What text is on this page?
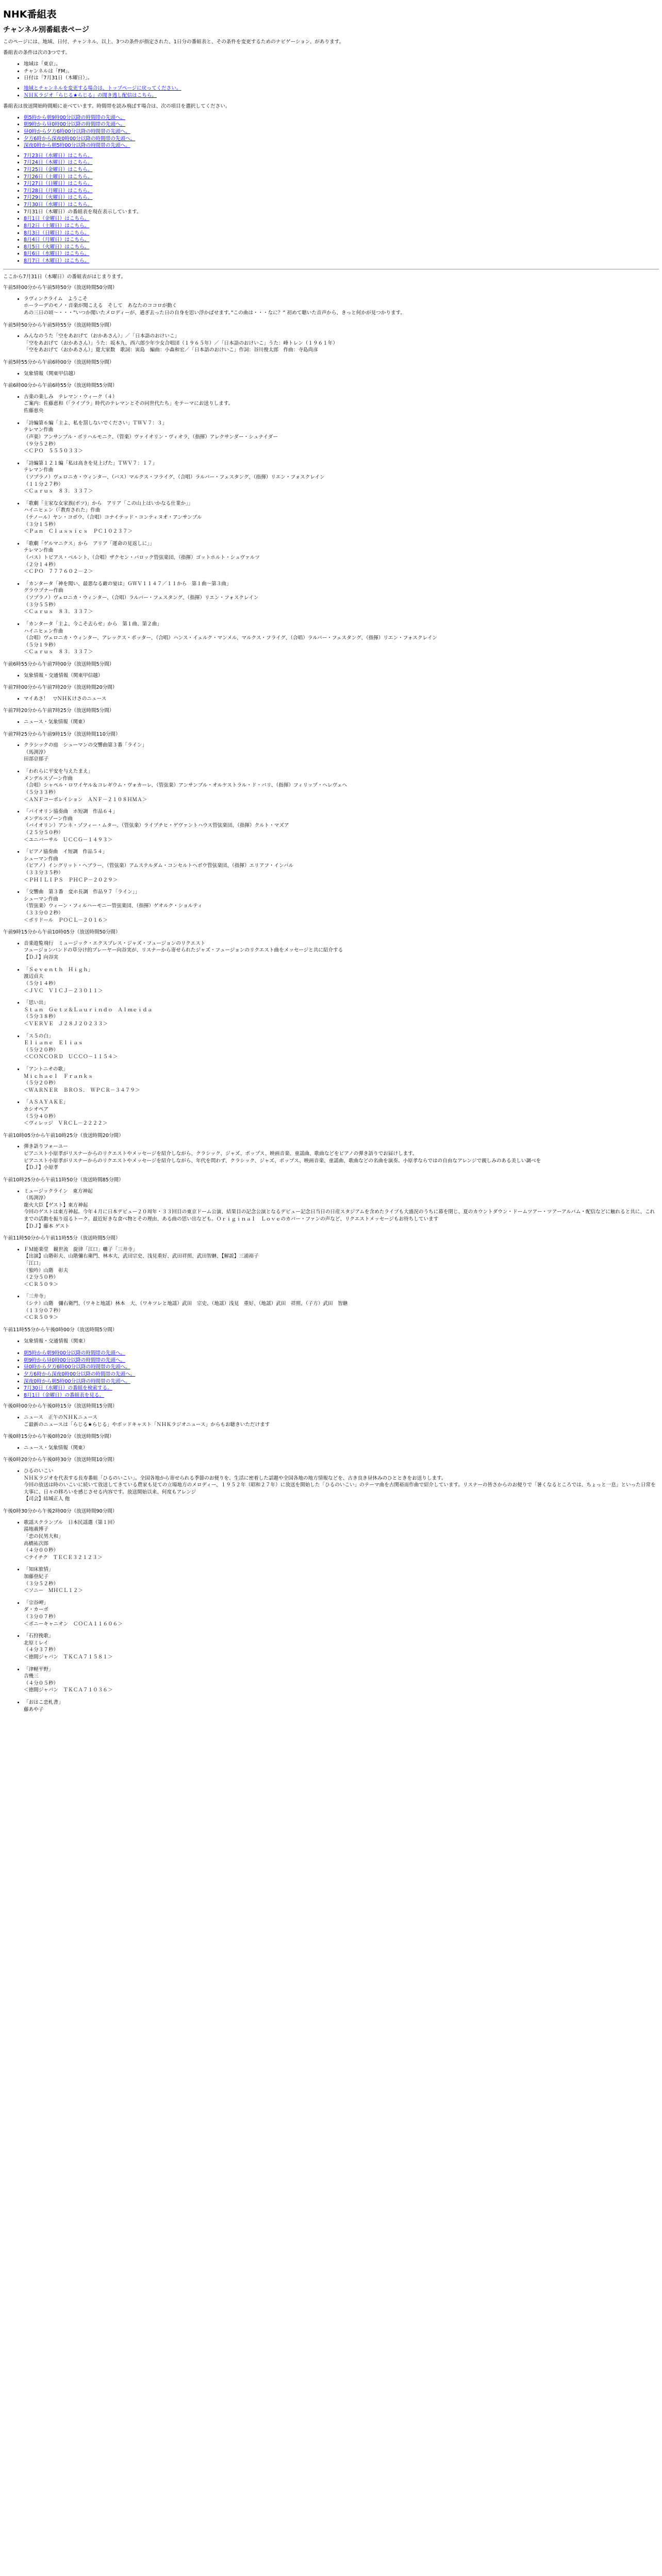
NHK番組表
チャンネル別番組表ページ

このページには、地域、日付、チャンネル、以上、3つの条件が指定された、1日分の番組表と、その条件を変更するためのナビゲーション、があります。

番組表の条件は次の3つです。

• 地域は「東京」。
• チャンネルは「FM」。
• 日付は「7月31日（木曜日）」。
• 地域とチャンネルを変更する場合は、トップページに戻ってください。
• ＮＨＫラジオ「らじる★らじる」の聞き逃し配信はこちら。

番組表は放送開始時間順に並べています。時間帯を読み飛ばす場合は、次の項目を選択してください。

• 朝5時から朝9時00分以降の時間帯の先頭へ。
• 朝9時から昼0時00分以降の時間帯の先頭へ。
• 昼0時から夕方6時00分以降の時間帯の先頭へ。
• 夕方6時から深夜0時00分以降の時間帯の先頭へ。
• 深夜0時から朝5時00分以降の時間帯の先頭へ。
• 7月23日（水曜日）はこちら。
• 7月24日（木曜日）はこちら。
• 7月25日（金曜日）はこちら。
• 7月26日（土曜日）はこちら。
• 7月27日（日曜日）はこちら。
• 7月28日（月曜日）はこちら。
• 7月29日（火曜日）はこちら。
• 7月30日（水曜日）はこちら。
• 7月31日（木曜日）の番組表を現在表示しています。
• 8月1日（金曜日）はこちら。
• 8月2日（土曜日）はこちら。
• 8月3日（日曜日）はこちら。
• 8月4日（月曜日）はこちら。
• 8月5日（火曜日）はこちら。
• 8月6日（水曜日）はこちら。
• 8月7日（木曜日）はこちら。

ここから7月31日（木曜日）の番組表がはじまります。

午前5時00分から午前5時50分（放送時間50分間）

• ラヴィンクライム　ようこそ
ホーラーデのモノ・音楽が聞こえる　そして　あなたのココロが動く
あの三日の頃～・・・”いつか聞いたメロディーが、過ぎ去った日の自身を思い浮かばせます。”この曲は・・・なに？” 初めて聴いた音声から、きっと何かが見つかります。

午前5時50分から午前5時55分（放送時間5分間）

• みんなのうた「空をあおげて（おかあさん）」／「日本語のおけいこ」
「空をあおげて（おかあさん）」うた：坂本九、西六郎少年少女合唱団（１９６５年）／「日本語のおけいこ」うた：峰トレン（１９６１年）
「空をあおげて（おかあさん）」寛大家数　歌詞：寅島　編曲：小森和宏／「日本語のおけいこ」作詞：谷川俊太郎　作曲：寺島尚彦

午前5時55分から午前6時00分（放送時間5分間）

• 気象情報（関東甲信越）

午前6時00分から午前6時55分（放送時間55分間）

• 古楽の楽しみ　テレマン・ウィーク（４）
ご案内：佐藤恵和（「ライブラ」時代のテレマンとその同世代たち」をテーマにお送りします。
佐藤恵央
• 「詩編第６編「主よ、私を罰しないでください」ＴＷＶ７：３」
テレマン作曲
（声楽）アンサンブル・ボリハルモニク、（管楽）ヴァイオリン・ヴィオラ、（指揮）アレクサンダー・シュナイダー
（９分５２秒）
＜ＣＰＯ　５５５０３３＞
• 「詩編第１２１編「私は高きを見上げた」ＴＷＶ７：１７」
テレマン作曲
（ソプラノ）ヴェロニカ・ウィンター、（バス）マルクス・フライグ、（合唱）ラルバー・フェスタング、（指揮）リエン・フォスクレイン
（１１分２７秒）
＜Ｃａｒｕｓ　８３．３３７＞
• 「歌劇「主家な女家族(ポツ)」から　アリア「この山上はいかなる仕業か」」
ハイニヒェン（「教育された」作曲
（テノール）ヤン・コボウ、（合唱）コナイテッド・コンティヌオ・アンサンブル
（３分１５秒）
＜Ｐａｎ　Ｃｌａｓｓｉｃｓ　ＰＣ１０２３７＞
• 「歌劇「ゲルマニクス」から　アリア「運命の見返しに」」
テレマン作曲
（バス）トビアス・ベルント、（合唱）ザクセン・バロック管弦楽団、（指揮）ゴットホルト・シュヴァルツ
（２分１４秒）
＜ＣＰＯ　７７７６０２－２＞
• 「カンタータ「神を聞い、最悪なる敵の宴は」ＧＷＶ１１４７／１１から　第１曲～第３曲」
グラウプナー作曲
（ソプラノ）ヴェロニカ・ウィンター、（合唱）ラルバー・フェスタング、（指揮）リエン・フォスクレイン
（３分５５秒）
＜Ｃａｒｕｓ　８３．３３７＞
• 「カンタータ「主よ、今こそ去らせ」から　第１曲、第２曲」
ハイニヒェン作曲
（合唱）ヴェロニカ・ウィンター、アレックス・ポッター、（合唱）ハンス・イェルク・マンメル、マルクス・フライグ、（合唱）ラルバー・フェスタング、（指揮）リエン・フォスクレイン
（５分１９秒）
＜Ｃａｒｕｓ　８３．３３７＞

午前6時55分から午前7時00分（放送時間5分間）

• 気象情報・交通情報（関東甲信越）

午前7時00分から午前7時20分（放送時間20分間）

• マイあさ！　▽ＮＨＫけさのニュース

午前7時20分から午前7時25分（放送時間5分間）

• ニュース・気象情報（関東）

午前7時25分から午前9時15分（放送時間110分間）

• クラシックの庭　シューマンの交響曲第３番「ライン」
（馬渕淳）
田部京郁子
• 「われらに平安を与えたまえ」
メンデルスゾーン作曲
（合唱）シャペル・ロワイヤル＆コレギウム・ヴォカーレ、（管弦楽）アンサンブル・オルケストラル・ド・パリ、（指揮）フィリップ・ヘレヴェヘ
（５分３３秒）
＜ＡＮＦコーポレイション　ＡＮＦ－２１０８ＨＭＡ＞
• 「バイオリン協奏曲　ホ短調　作品６４」
メンデルスゾーン作曲
（バイオリン）アンネ・ゾフィー・ムター、（管弦楽）ライプチヒ・ゲヴァントハウス管弦楽団、（指揮）クルト・マズア
（２５分５０秒）
＜ユニバーサル　ＵＣＣＧ－１４９３＞
• 「ピアノ協奏曲　イ短調　作品５４」
シューマン作曲
（ピアノ）イングリット・ヘブラー、（管弦楽）アムステルダム・コンセルトヘボウ管弦楽団、（指揮）エリアフ・インバル
（３３分３５秒）
＜ＰＨＩＬＩＰＳ　ＰＨＣＰ－２０２９＞
• 「交響曲　第３番　変ホ長調　作品９７「ライン」」
シューマン作曲
（管弦楽）ウィーン・フィルハーモニー管弦楽団、（指揮）ゲオルク・ショルティ
（３３分０２秒）
＜ポリドール　ＰＯＣＬ－２０１６＞

午前9時15分から午前10時05分（放送時間50分間）

• 音楽遊覧飛行　ミュージック・エクスプレス・ジャズ・フュージョンのリクエスト
フュージョンバンドの草分け的プレーヤー向谷実が、リスナーから寄せられたジャズ・フュージョンのリクエスト曲をメッセージと共に紹介する
【ＤＪ】向谷実
• 「Ｓｅｖｅｎｔｈ　Ｈｉｇｈ」
渡辺貞夫
（５分１４秒）
＜ＪＶＣ　ＶＩＣＪ－２３０１１＞
• 「思い出」
Ｓｔａｎ　Ｇｅｔｚ＆Ｌａｕｒｉｎｄｏ　Ａｌｍｅｉｄａ
（５分３８秒）
＜ＶＥＲＶＥ　Ｊ２８Ｊ２０２３３＞
• 「ス５の白」
Ｅｌｉａｎｅ　Ｅｌｉａｓ
（５分２０秒）
＜ＣＯＮＣＯＲＤ　ＵＣＣＯ－１１５４＞
• 「アントニオの歌」
Ｍｉｃｈａｅｌ　Ｆｒａｎｋｓ
（５分２０秒）
＜ＷＡＲＮＥＲ　ＢＲＯＳ．　ＷＰＣＲ－３４７９＞
• 「ＡＳＡＹＡＫＥ」
カシオペア
（５分４０秒）
＜ヴィレッジ　ＶＲＣＬ－２２２２＞

午前10時05分から午前10時25分（放送時間20分間）

• 弾き語りフォーユー
ピアニスト小原孝がリスナーからのリクエストやメッセージを紹介しながら、クラシック、ジャズ、ポップス、映画音楽、童謡曲、歌曲などをピアノの弾き語りでお届けします。
ピアニスト小原孝がリスナーからのリクエストやメッセージを紹介しながら、年代を問わず、クラシック、ジャズ、ポップス、映画音楽、童謡曲、歌曲などの名曲を演奏。小原孝ならではの自由なアレンジで親しみのある美しい調べを
【ＤＪ】小原孝

午前10時25分から午前11時50分（放送時間85分間）

• ミュージックライン　東方神起
（馬渕淳）
龍火大臣【ゲスト】東方神起
今回のゲストは東方神起。今年４月に日本デビュー２０周年・３３回目の東京ドーム公演、結果目の記念公演となるデビュー記念日当日の日産スタジアムを含めたライブも大盛況のうちに幕を閉じ、夏のカウントダウン・ドームツアー・ツアーアルバム・配信などに触れると共に、これまでの活動を振り返るトーク。最近好きな食べ物とその理由、ある曲の思い出なども。Ｏｒｉｇｉｎａｌ　Ｌｏｖｅのカバー・ファンの声など、リクエストメッセージもお待ちしています
【ＤＪ】藤本 ゲスト

午前11時50分から午前11時55分（放送時間5分間）

• ＦＭ能楽堂　観世流　旋律「江口」囃子「三井寺」
【出演】山階彰夫、山階彌右衛門、林本大、武田宗史、浅見重好、武田祥照、武田智継、【解説】三浦裕子
「江口」
（独吟）山階　彰夫
（２分５０秒）
＜ＣＲ５０９＞
• 「三井寺」
（シテ）山階　彌右衛門、（ワキと地謡）林本　大、（ワキツレと地謡）武田　宗史、（地謡）浅見　重好、（地謡）武田　祥照、（子方）武田　智継
（１３分０７秒）
＜ＣＲ５０９＞

午前11時55分から午後0時00分（放送時間5分間）

• 気象情報・交通情報（関東）
• 朝5時から朝9時00分以降の時間帯の先頭へ。
• 朝9時から昼0時00分以降の時間帯の先頭へ。
• 昼0時から夕方6時00分以降の時間帯の先頭へ。
• 夕方6時から深夜0時00分以降の時間帯の先頭へ。
• 深夜0時から朝5時00分以降の時間帯の先頭へ。
• 7月30日（水曜日）の番組を検索する。
• 8月1日（金曜日）の番組表を見る。

午後0時00分から午後0時15分（放送時間15分間）

• ニュース　正午のＮＨＫニュース
ご最新のニュースは「らじる★らじる」やポッドキャスト「ＮＨＫラジオニュース」からもお聴きいただけます

午後0時15分から午後0時20分（放送時間5分間）

• ニュース・気象情報（関東）

午後0時20分から午後0時30分（放送時間10分間）

• ひるのいこい
ＮＨＫラジオを代表する長寿番組「ひるのいこい」。全国各地から寄せられる季節のお便りを、生活に密着した話題や全国各地の地方情報などを、古き良き昼休みのひとときをお送りします。
今回の放送は時のいこいに続いて放送してきている農家も見ての立場地方のメロディー、１９５２年（昭和２７年）に放送を開始した「ひるのいこい」のテーマ曲を古関裕而作曲で紹介しています。リスナーの皆さからのお便りで「暑くなるところでは、ちょっと一息」といった日常を大事に、日々の移ろいを感じさせる内容です。放送開始以来、何度もアレンジ
【司会】結城正人 他

午後0時30分から午後2時00分（放送時間90分間）

• 歌謡スクランブル　日本民謡選（第１回）
湯地義博子
「恋の民男大和」
高橋祐次郎
（４分００秒）
＜テイチク　ＴＥＣＥ３２１２３＞
• 「知床旅情」
加藤登紀子
（３分５２秒）
＜ソニー　ＭＨＣＬ１２＞
• 「宗谷岬」
ダ・カーポ
（３分０７秒）
＜ポニーキャニオン　ＣＯＣＡ１１６０６＞
• 「石狩挽歌」
北原ミレイ
（４分３７秒）
＜徳間ジャパン　ＴＫＣＡ７１５８１＞
• 「津軽平野」
吉幾三
（４分０５秒）
＜徳間ジャパン　ＴＫＣＡ７１０３６＞
• 「おはこ恋札書」
藤あや子
